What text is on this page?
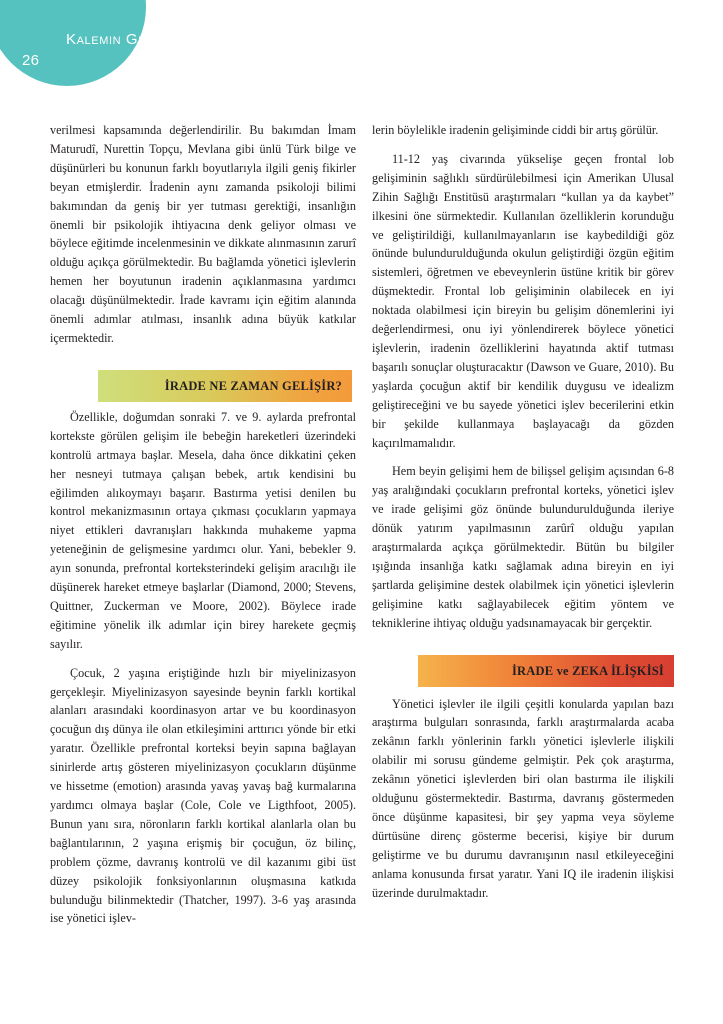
Kalemin Gücü
26

verilmesi kapsamında değerlendirilir. Bu bakımdan İmam Maturudî, Nurettin Topçu, Mevlana gibi ünlü Türk bilge ve düşünürleri bu konunun farklı boyutlarıyla ilgili geniş fikirler beyan etmişlerdir. İradenin aynı zamanda psikoloji bilimi bakımından da geniş bir yer tutması gerektiği, insanlığın önemli bir psikolojik ihtiyacına denk geliyor olması ve böylece eğitimde incelenmesinin ve dikkate alınmasının zarurî olduğu açıkça görülmektedir. Bu bağlamda yönetici işlevlerin hemen her boyutunun iradenin açıklanmasına yardımcı olacağı düşünülmektedir. İrade kavramı için eğitim alanında önemli adımlar atılması, insanlık adına büyük katkılar içermektedir.

İRADE NE ZAMAN GELİŞİR?

Özellikle, doğumdan sonraki 7. ve 9. aylarda prefrontal kortekste görülen gelişim ile bebeğin hareketleri üzerindeki kontrolü artmaya başlar. Mesela, daha önce dikkatini çeken her nesneyi tutmaya çalışan bebek, artık kendisini bu eğilimden alıkoymayı başarır. Bastırma yetisi denilen bu kontrol mekanizmasının ortaya çıkması çocukların yapmaya niyet ettikleri davranışları hakkında muhakeme yapma yeteneğinin de gelişmesine yardımcı olur. Yani, bebekler 9. ayın sonunda, prefrontal korteksterindeki gelişim aracılığı ile düşünerek hareket etmeye başlarlar (Diamond, 2000; Stevens, Quittner, Zuckerman ve Moore, 2002). Böylece irade eğitimine yönelik ilk adımlar için birey harekete geçmiş sayılır.

Çocuk, 2 yaşına eriştiğinde hızlı bir miyelinizasyon gerçekleşir. Miyelinizasyon sayesinde beynin farklı kortikal alanları arasındaki koordinasyon artar ve bu koordinasyon çocuğun dış dünya ile olan etkileşimini arttırıcı yönde bir etki yaratır. Özellikle prefrontal korteksi beyin sapına bağlayan sinirlerde artış gösteren miyelinizasyon çocukların düşünme ve hissetme (emotion) arasında yavaş yavaş bağ kurmalarına yardımcı olmaya başlar (Cole, Cole ve Ligthfoot, 2005). Bunun yanı sıra, nöronların farklı kortikal alanlarla olan bu bağlantılarının, 2 yaşına erişmiş bir çocuğun, öz bilinç, problem çözme, davranış kontrolü ve dil kazanımı gibi üst düzey psikolojik fonksiyonlarının oluşmasına katkıda bulunduğu bilinmektedir (Thatcher, 1997). 3-6 yaş arasında ise yönetici işlev-

lerin böylelikle iradenin gelişiminde ciddi bir artış görülür.

11-12 yaş civarında yükselişe geçen frontal lob gelişiminin sağlıklı sürdürülebilmesi için Amerikan Ulusal Zihin Sağlığı Enstitüsü araştırmaları “kullan ya da kaybet” ilkesini öne sürmektedir. Kullanılan özelliklerin korunduğu ve geliştirildiği, kullanılmayanların ise kaybedildiği göz önünde bulundurulduğunda okulun geliştirdiği özgün eğitim sistemleri, öğretmen ve ebeveynlerin üstüne kritik bir görev düşmektedir. Frontal lob gelişiminin olabilecek en iyi noktada olabilmesi için bireyin bu gelişim dönemlerini iyi değerlendirmesi, onu iyi yönlendirerek böylece yönetici işlevlerin, iradenin özelliklerini hayatında aktif tutması başarılı sonuçlar oluşturacaktır (Dawson ve Guare, 2010). Bu yaşlarda çocuğun aktif bir kendilik duygusu ve idealizm geliştireceğini ve bu sayede yönetici işlev becerilerini etkin bir şekilde kullanmaya başlayacağı da gözden kaçırılmamalıdır.

Hem beyin gelişimi hem de bilişsel gelişim açısından 6-8 yaş aralığındaki çocukların prefrontal korteks, yönetici işlev ve irade gelişimi göz önünde bulundurulduğunda ileriye dönük yatırım yapılmasının zarûrî olduğu yapılan araştırmalarda açıkça görülmektedir. Bütün bu bilgiler ışığında insanlığa katkı sağlamak adına bireyin en iyi şartlarda gelişimine destek olabilmek için yönetici işlevlerin gelişimine katkı sağlayabilecek eğitim yöntem ve tekniklerine ihtiyaç olduğu yadsınamayacak bir gerçektir.

İRADE ve ZEKA İLİŞKİSİ

Yönetici işlevler ile ilgili çeşitli konularda yapılan bazı araştırma bulguları sonrasında, farklı araştırmalarda acaba zekânın farklı yönlerinin farklı yönetici işlevlerle ilişkili olabilir mi sorusu gündeme gelmiştir. Pek çok araştırma, zekânın yönetici işlevlerden biri olan bastırma ile ilişkili olduğunu göstermektedir. Bastırma, davranış göstermeden önce düşünme kapasitesi, bir şey yapma veya söyleme dürtüsüne direnç gösterme becerisi, kişiye bir durum geliştirme ve bu durumu davranışının nasıl etkileyeceğini anlama konusunda fırsat yaratır. Yani IQ ile iradenin ilişkisi üzerinde durulmaktadır.
